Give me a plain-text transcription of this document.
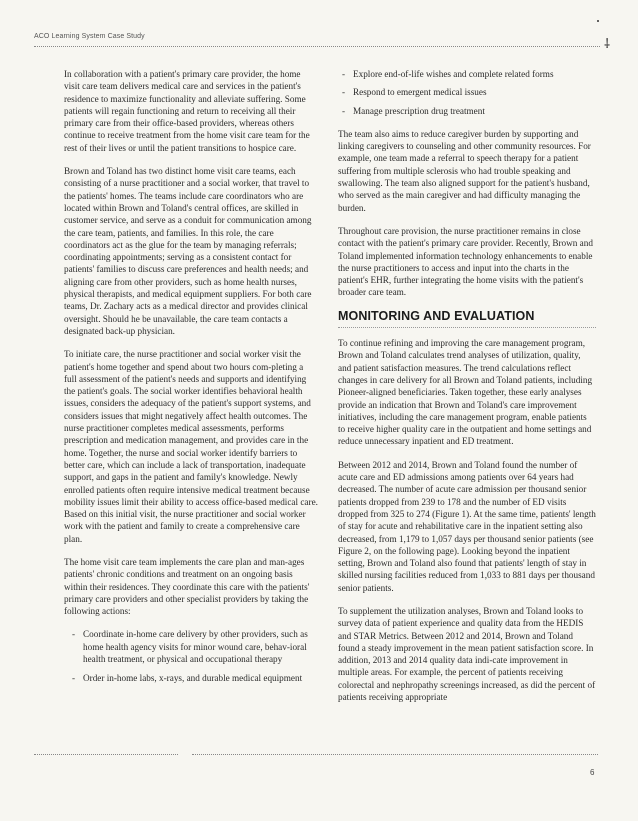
⸸
ACO Learning System Case Study

In collaboration with a patient's primary care provider, the home visit care team delivers medical care and services in the patient's residence to maximize functionality and alleviate suffering. Some patients will regain functioning and return to receiving all their primary care from their office-based providers, whereas others continue to receive treatment from the home visit care team for the rest of their lives or until the patient transitions to hospice care.

Brown and Toland has two distinct home visit care teams, each consisting of a nurse practitioner and a social worker, that travel to the patients' homes. The teams include care coordinators who are located within Brown and Toland's central offices, are skilled in customer service, and serve as a conduit for communication among the care team, patients, and families. In this role, the care coordinators act as the glue for the team by managing referrals; coordinating appointments; serving as a consistent contact for patients' families to discuss care preferences and health needs; and aligning care from other providers, such as home health nurses, physical therapists, and medical equipment suppliers. For both care teams, Dr. Zachary acts as a medical director and provides clinical oversight. Should he be unavailable, the care team contacts a designated back-up physician.

To initiate care, the nurse practitioner and social worker visit the patient's home together and spend about two hours com-pleting a full assessment of the patient's needs and supports and identifying the patient's goals. The social worker identifies behavioral health issues, considers the adequacy of the patient's support systems, and considers issues that might negatively affect health outcomes. The nurse practitioner completes medical assessments, performs prescription and medication management, and provides care in the home. Together, the nurse and social worker identify barriers to better care, which can include a lack of transportation, inadequate support, and gaps in the patient and family's knowledge. Newly enrolled patients often require intensive medical treatment because mobility issues limit their ability to access office-based medical care. Based on this initial visit, the nurse practitioner and social worker work with the patient and family to create a comprehensive care plan.

The home visit care team implements the care plan and man-ages patients' chronic conditions and treatment on an ongoing basis within their residences. They coordinate this care with the patients' primary care providers and other specialist providers by taking the following actions:

- Coordinate in-home care delivery by other providers, such as home health agency visits for minor wound care, behav-ioral health treatment, or physical and occupational therapy
- Order in-home labs, x-rays, and durable medical equipment
- Explore end-of-life wishes and complete related forms
- Respond to emergent medical issues
- Manage prescription drug treatment

The team also aims to reduce caregiver burden by supporting and linking caregivers to counseling and other community resources. For example, one team made a referral to speech therapy for a patient suffering from multiple sclerosis who had trouble speaking and swallowing. The team also aligned support for the patient's husband, who served as the main caregiver and had difficulty managing the burden.

Throughout care provision, the nurse practitioner remains in close contact with the patient's primary care provider. Recently, Brown and Toland implemented information technology enhancements to enable the nurse practitioners to access and input into the charts in the patient's EHR, further integrating the home visits with the patient's broader care team.

MONITORING AND EVALUATION

To continue refining and improving the care management program, Brown and Toland calculates trend analyses of utilization, quality, and patient satisfaction measures. The trend calculations reflect changes in care delivery for all Brown and Toland patients, including Pioneer-aligned beneficiaries. Taken together, these early analyses provide an indication that Brown and Toland's care improvement initiatives, including the care management program, enable patients to receive higher quality care in the outpatient and home settings and reduce unnecessary inpatient and ED treatment.

Between 2012 and 2014, Brown and Toland found the number of acute care and ED admissions among patients over 64 years had decreased. The number of acute care admission per thousand senior patients dropped from 239 to 178 and the number of ED visits dropped from 325 to 274 (Figure 1). At the same time, patients' length of stay for acute and rehabilitative care in the inpatient setting also decreased, from 1,179 to 1,057 days per thousand senior patients (see Figure 2, on the following page). Looking beyond the inpatient setting, Brown and Toland also found that patients' length of stay in skilled nursing facilities reduced from 1,033 to 881 days per thousand senior patients.

To supplement the utilization analyses, Brown and Toland looks to survey data of patient experience and quality data from the HEDIS and STAR Metrics. Between 2012 and 2014, Brown and Toland found a steady improvement in the mean patient satisfaction score. In addition, 2013 and 2014 quality data indi-cate improvement in multiple areas. For example, the percent of patients receiving colorectal and nephropathy screenings increased, as did the percent of patients receiving appropriate

6
